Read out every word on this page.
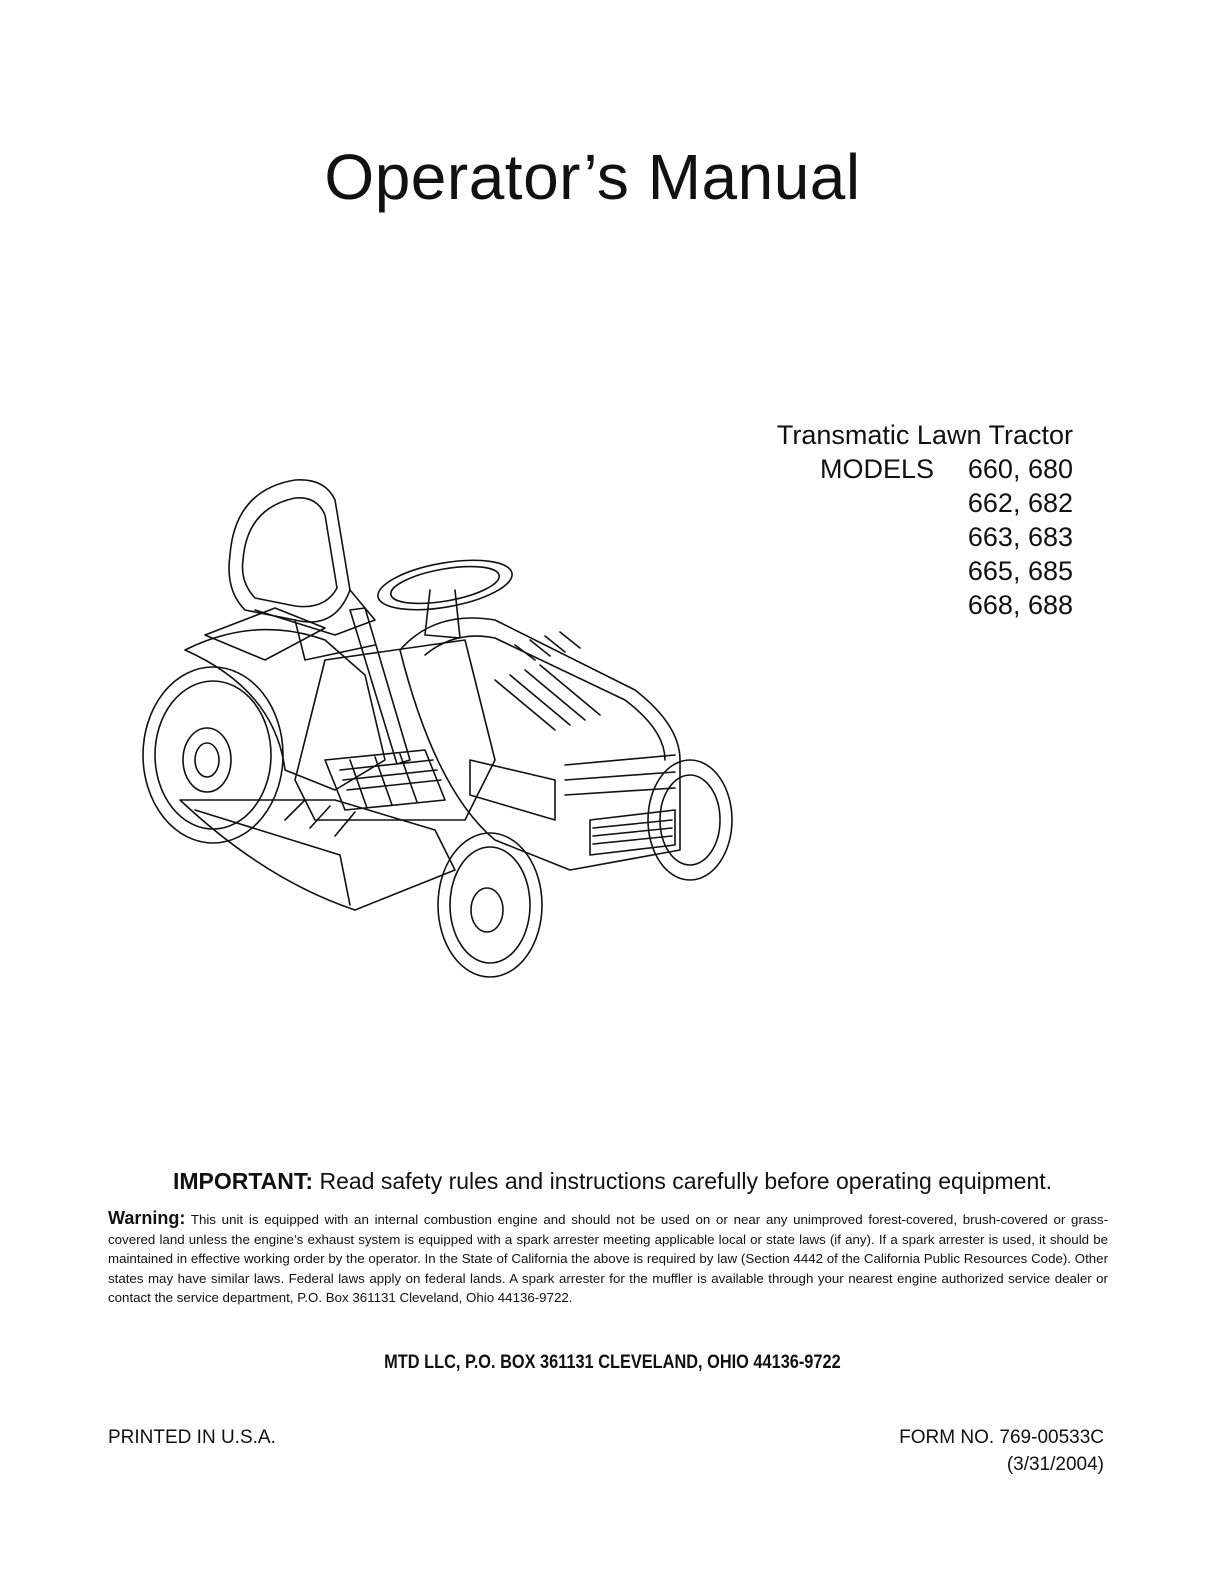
Operator’s Manual
Transmatic Lawn Tractor
MODELS 660, 680
662, 682
663, 683
665, 685
668, 688
IMPORTANT: Read safety rules and instructions carefully before operating equipment.
Warning: This unit is equipped with an internal combustion engine and should not be used on or near any unimproved forest-covered, brush-covered or grass-covered land unless the engine’s exhaust system is equipped with a spark arrester meeting applicable local or state laws (if any). If a spark arrester is used, it should be maintained in effective working order by the operator. In the State of California the above is required by law (Section 4442 of the California Public Resources Code). Other states may have similar laws. Federal laws apply on federal lands. A spark arrester for the muffler is available through your nearest engine authorized service dealer or contact the service department, P.O. Box 361131 Cleveland, Ohio 44136-9722.
MTD LLC, P.O. BOX 361131 CLEVELAND, OHIO 44136-9722
PRINTED IN U.S.A.	FORM NO. 769-00533C
(3/31/2004)
